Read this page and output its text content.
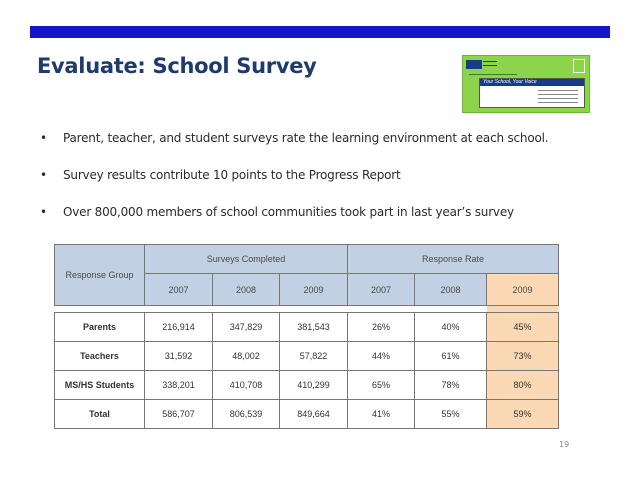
Evaluate: School Survey
Your School, Your Voice
• Parent, teacher, and student surveys rate the learning environment at each school.
• Survey results contribute 10 points to the Progress Report
• Over 800,000 members of school communities took part in last year’s survey
Response Group	Surveys Completed			Response Rate		
	2007	2008	2009	2007	2008	2009

Parents	216,914	347,829	381,543	26%	40%	45%
Teachers	31,592	48,002	57,822	44%	61%	73%
MS/HS Students	338,201	410,708	410,299	65%	78%	80%
Total	586,707	806,539	849,664	41%	55%	59%
19
